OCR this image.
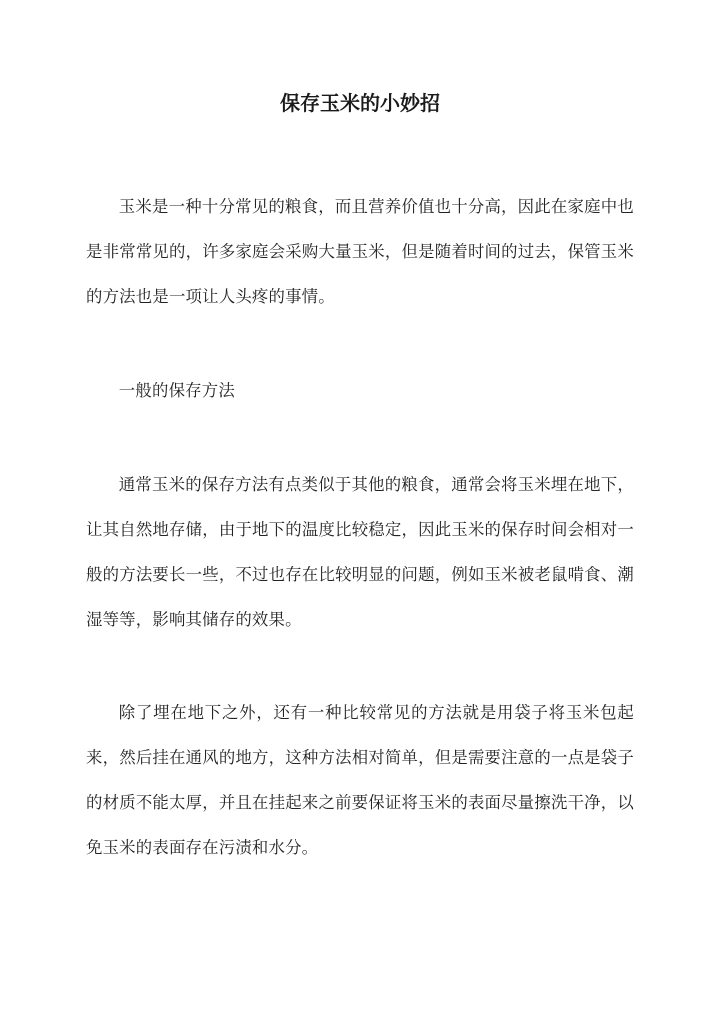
保存玉米的小妙招

玉米是一种十分常见的粮食，而且营养价值也十分高，因此在家庭中也是非常常见的，许多家庭会采购大量玉米，但是随着时间的过去，保管玉米的方法也是一项让人头疼的事情。

一般的保存方法

通常玉米的保存方法有点类似于其他的粮食，通常会将玉米埋在地下，让其自然地存储，由于地下的温度比较稳定，因此玉米的保存时间会相对一般的方法要长一些，不过也存在比较明显的问题，例如玉米被老鼠啃食、潮湿等等，影响其储存的效果。

除了埋在地下之外，还有一种比较常见的方法就是用袋子将玉米包起来，然后挂在通风的地方，这种方法相对简单，但是需要注意的一点是袋子的材质不能太厚，并且在挂起来之前要保证将玉米的表面尽量擦洗干净，以免玉米的表面存在污渍和水分。
